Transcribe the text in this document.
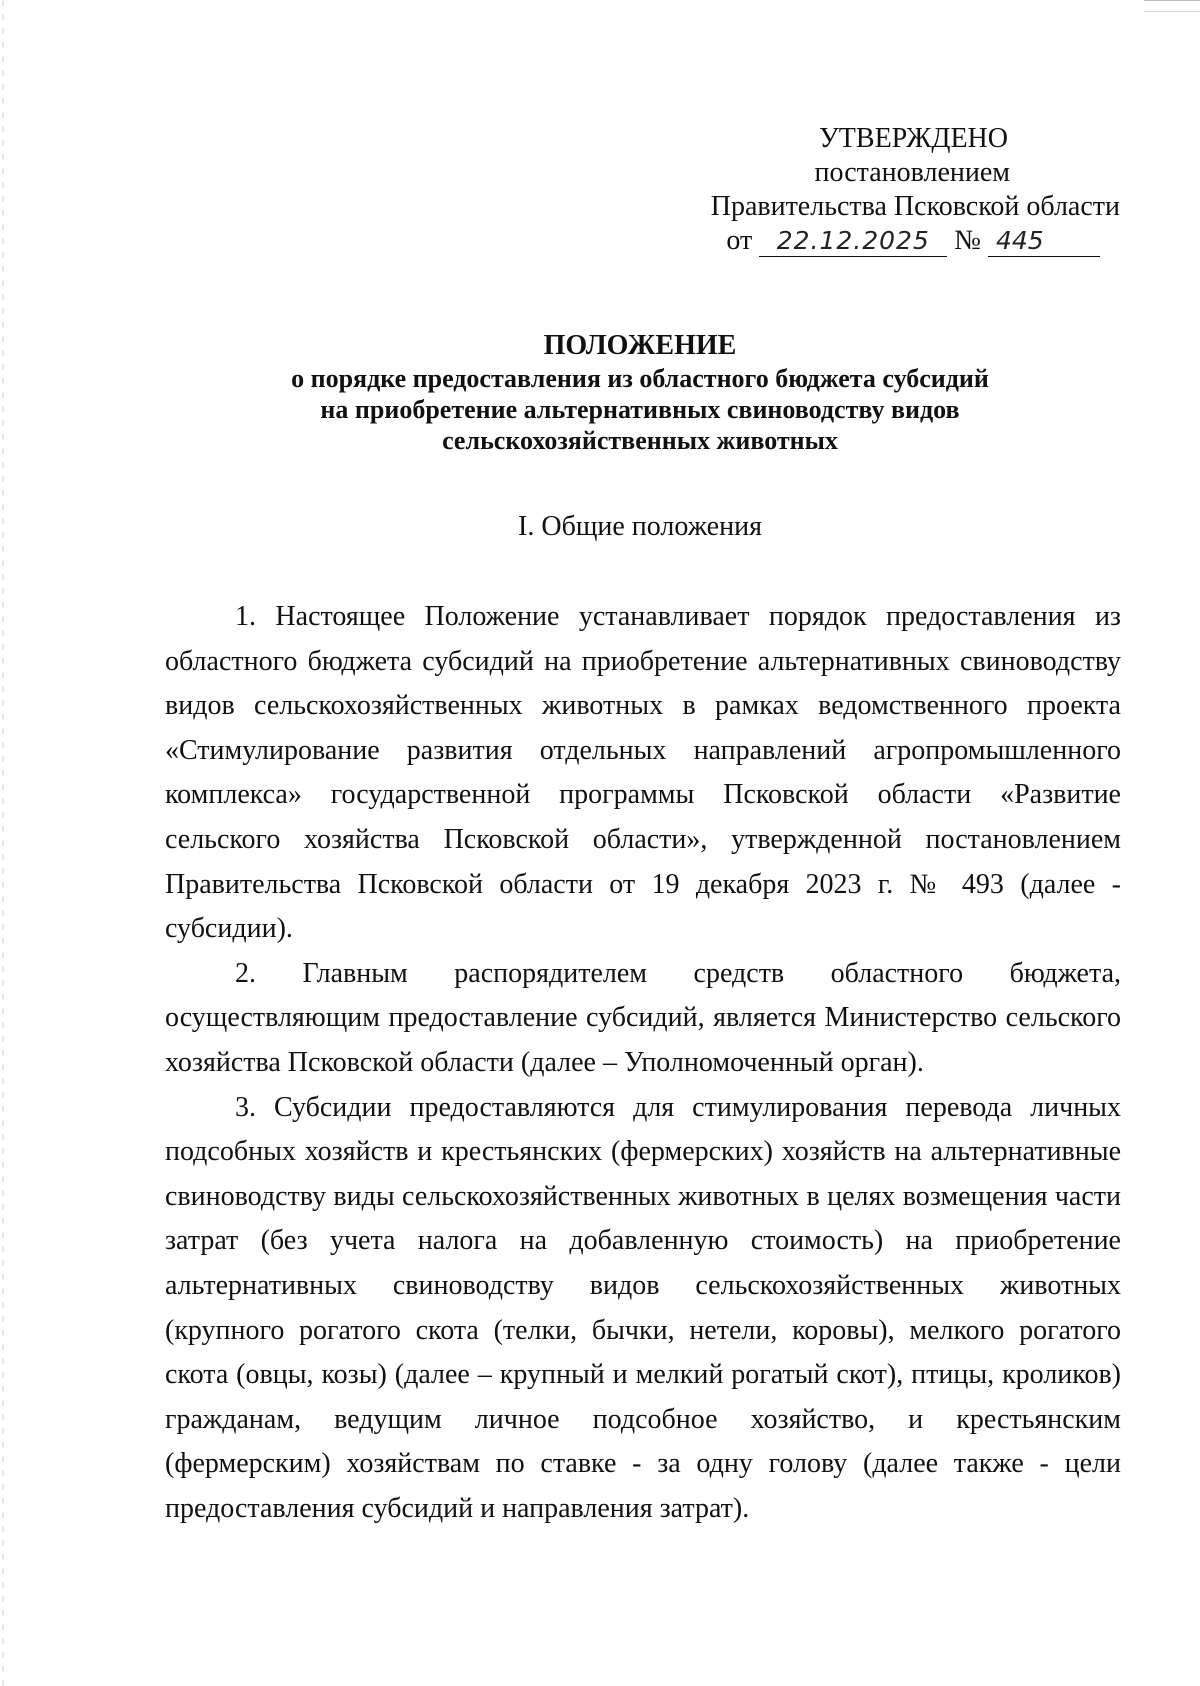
УТВЕРЖДЕНО
постановлением
Правительства Псковской области
от 22.12.2025 № 445
ПОЛОЖЕНИЕ
о порядке предоставления из областного бюджета субсидий
на приобретение альтернативных свиноводству видов
сельскохозяйственных животных
I. Общие положения

1. Настоящее Положение устанавливает порядок предоставления из областного бюджета субсидий на приобретение альтернативных свиноводству видов сельскохозяйственных животных в рамках ведомственного проекта «Стимулирование развития отдельных направлений агропромышленного комплекса» государственной программы Псковской области «Развитие сельского хозяйства Псковской области», утвержденной постановлением Правительства Псковской области от 19 декабря 2023 г. № 493 (далее - субсидии).

2. Главным распорядителем средств областного бюджета, осуществляющим предоставление субсидий, является Министерство сельского хозяйства Псковской области (далее – Уполномоченный орган).

3. Субсидии предоставляются для стимулирования перевода личных подсобных хозяйств и крестьянских (фермерских) хозяйств на альтернативные свиноводству виды сельскохозяйственных животных в целях возмещения части затрат (без учета налога на добавленную стоимость) на приобретение альтернативных свиноводству видов сельскохозяйственных животных (крупного рогатого скота (телки, бычки, нетели, коровы), мелкого рогатого скота (овцы, козы) (далее – крупный и мелкий рогатый скот), птицы, кроликов) гражданам, ведущим личное подсобное хозяйство, и крестьянским (фермерским) хозяйствам по ставке - за одну голову (далее также - цели предоставления субсидий и направления затрат).
